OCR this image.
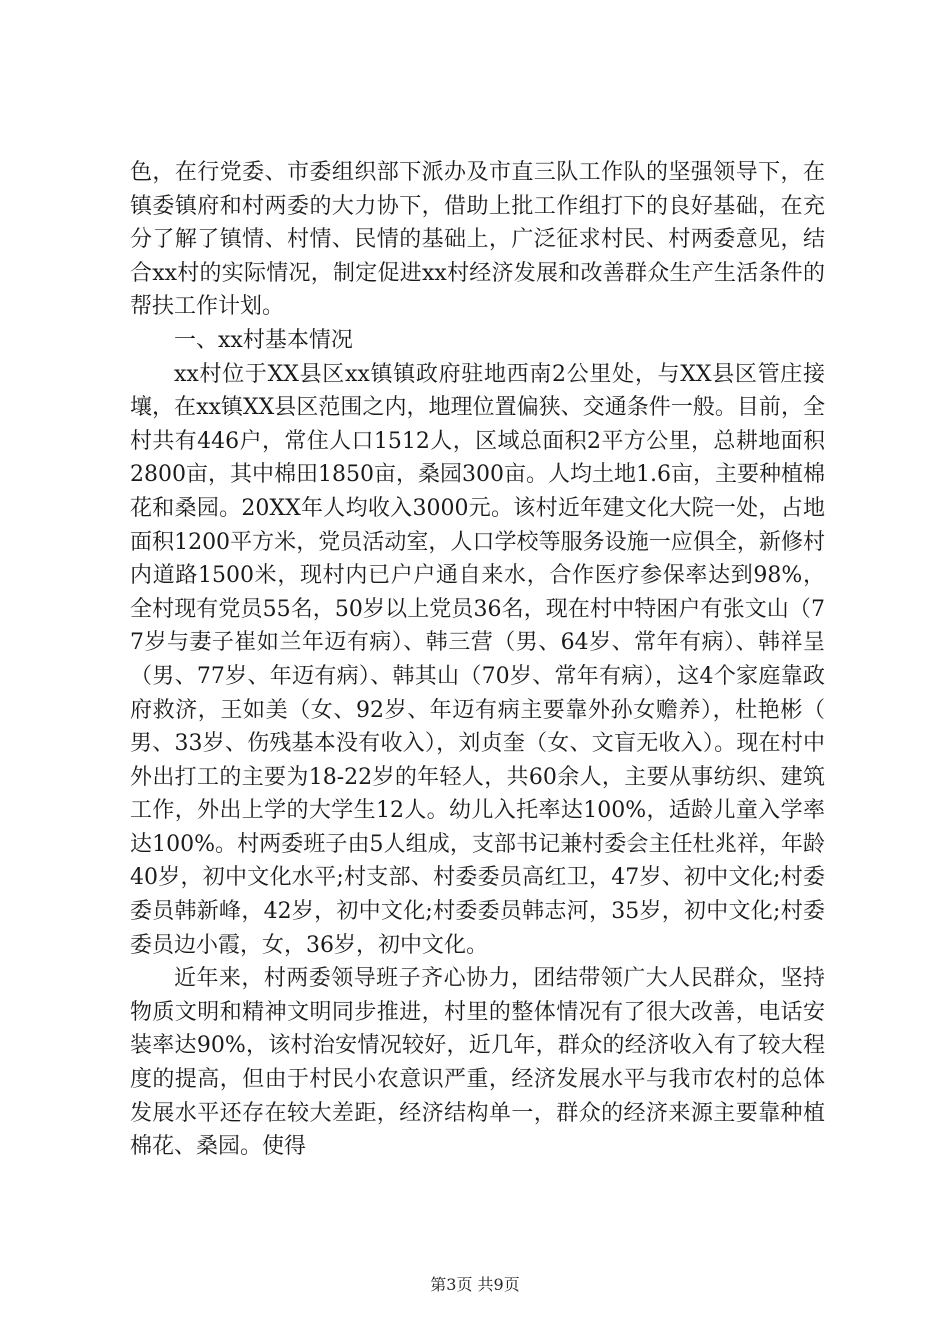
色，在行党委、市委组织部下派办及市直三队工作队的坚强领导下，在镇委镇府和村两委的大力协下，借助上批工作组打下的良好基础，在充分了解了镇情、村情、民情的基础上，广泛征求村民、村两委意见，结合xx村的实际情况，制定促进xx村经济发展和改善群众生产生活条件的帮扶工作计划。

一、xx村基本情况

xx村位于XX县区xx镇镇政府驻地西南2公里处，与XX县区管庄接壤，在xx镇XX县区范围之内，地理位置偏狭、交通条件一般。目前，全村共有446户，常住人口1512人，区域总面积2平方公里，总耕地面积2800亩，其中棉田1850亩，桑园300亩。人均土地1.6亩，主要种植棉花和桑园。20XX年人均收入3000元。该村近年建文化大院一处，占地面积1200平方米，党员活动室，人口学校等服务设施一应俱全，新修村内道路1500米，现村内已户户通自来水，合作医疗参保率达到98%，全村现有党员55名，50岁以上党员36名，现在村中特困户有张文山（77岁与妻子崔如兰年迈有病）、韩三营（男、64岁、常年有病）、韩祥呈（男、77岁、年迈有病）、韩其山（70岁、常年有病），这4个家庭靠政府救济，王如美（女、92岁、年迈有病主要靠外孙女赡养），杜艳彬（男、33岁、伤残基本没有收入），刘贞奎（女、文盲无收入）。现在村中外出打工的主要为18-22岁的年轻人，共60余人，主要从事纺织、建筑工作，外出上学的大学生12人。幼儿入托率达100%，适龄儿童入学率达100%。村两委班子由5人组成，支部书记兼村委会主任杜兆祥，年龄40岁，初中文化水平;村支部、村委委员高红卫，47岁、初中文化;村委委员韩新峰，42岁，初中文化;村委委员韩志河，35岁，初中文化;村委委员边小霞，女，36岁，初中文化。

近年来，村两委领导班子齐心协力，团结带领广大人民群众，坚持物质文明和精神文明同步推进，村里的整体情况有了很大改善，电话安装率达90%，该村治安情况较好，近几年，群众的经济收入有了较大程度的提高，但由于村民小农意识严重，经济发展水平与我市农村的总体发展水平还存在较大差距，经济结构单一，群众的经济来源主要靠种植棉花、桑园。使得

第3页 共9页
